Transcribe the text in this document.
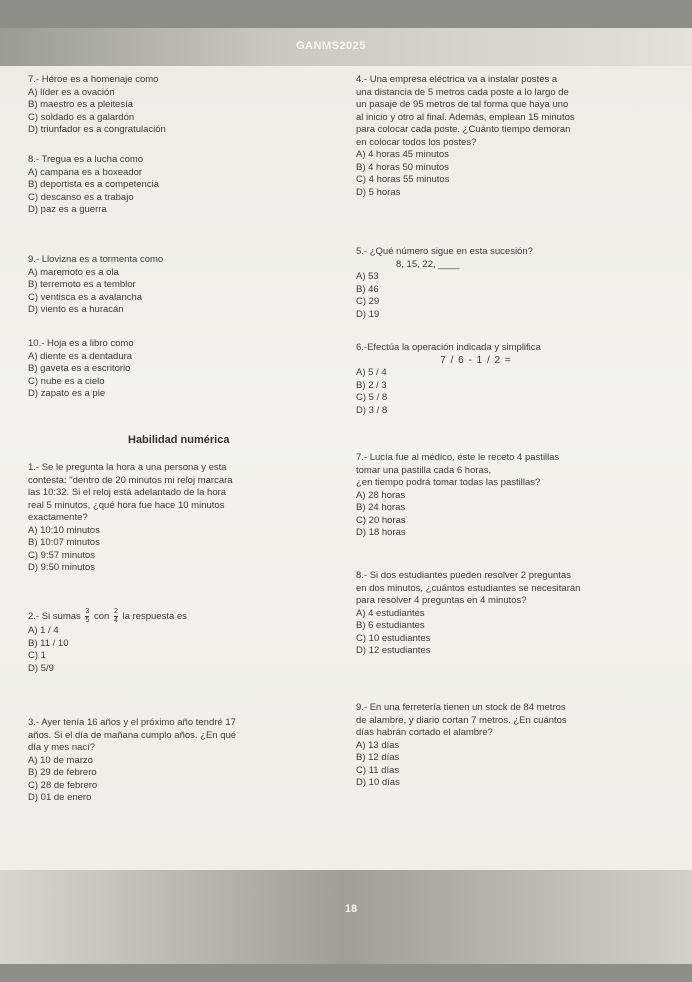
GANMS2025
7.- Héroe es a homenaje como
A) líder es a ovación
B) maestro es a pleitesía
C) soldado es a galardón
D) triunfador es a congratulación
8.- Tregua es a lucha como
A) campana es a boxeador
B) deportista es a competencia
C) descanso es a trabajo
D) paz es a guerra
9.- Llovizna es a tormenta como
A) maremoto es a ola
B) terremoto es a temblor
C) ventisca es a avalancha
D) viento es a huracán
10.- Hoja es a libro como
A) diente es a dentadura
B) gaveta es a escritorio
C) nube es a cielo
D) zapato es a pie
Habilidad numérica
1.- Se le pregunta la hora a una persona y esta
contesta: "dentro de 20 minutos mi reloj marcara
las 10:32. Si el reloj está adelantado de la hora
real 5 minutos, ¿qué hora fue hace 10 minutos
exactamente?
A) 10:10 minutos
B) 10:07 minutos
C) 9:57 minutos
D) 9:50 minutos
2.- Si sumas $\frac{3}{5}$ con $\frac{2}{4}$ la respuesta es
A) 1 / 4
B) 11 / 10
C) 1
D) 5/9
3.- Ayer tenía 16 años y el próximo año tendré 17
años. Si el día de mañana cumplo años. ¿En qué
día y mes nací?
A) 10 de marzo
B) 29 de febrero
C) 28 de febrero
D) 01 de enero
4.- Una empresa eléctrica va a instalar postes a
una distancia de 5 metros cada poste a lo largo de
un pasaje de 95 metros de tal forma que haya uno
al inicio y otro al final. Además, emplean 15 minutos
para colocar cada poste. ¿Cuánto tiempo demoran
en colocar todos los postes?
A) 4 horas 45 minutos
B) 4 horas 50 minutos
C) 4 horas 55 minutos
D) 5 horas
5.- ¿Qué número sigue en esta sucesión?
8, 15, 22, ____
A) 53
B) 46
C) 29
D) 19
6.-Efectúa la operación indicada y simplifica
7 / 6 - 1 / 2 =
A) 5 / 4
B) 2 / 3
C) 5 / 8
D) 3 / 8
7.- Lucía fue al médico, éste le receto 4 pastillas
tomar una pastilla cada 6 horas,
¿en tiempo podrá tomar todas las pastillas?
A) 28 horas
B) 24 horas
C) 20 horas
D) 18 horas
8.- Si dos estudiantes pueden resolver 2 preguntas
en dos minutos, ¿cuántos estudiantes se necesitarán
para resolver 4 preguntas en 4 minutos?
A) 4 estudiantes
B) 6 estudiantes
C) 10 estudiantes
D) 12 estudiantes
9.- En una ferretería tienen un stock de 84 metros
de alambre, y diario cortan 7 metros. ¿En cuántos
días habrán cortado el alambre?
A) 13 días
B) 12 días
C) 11 días
D) 10 días
18
